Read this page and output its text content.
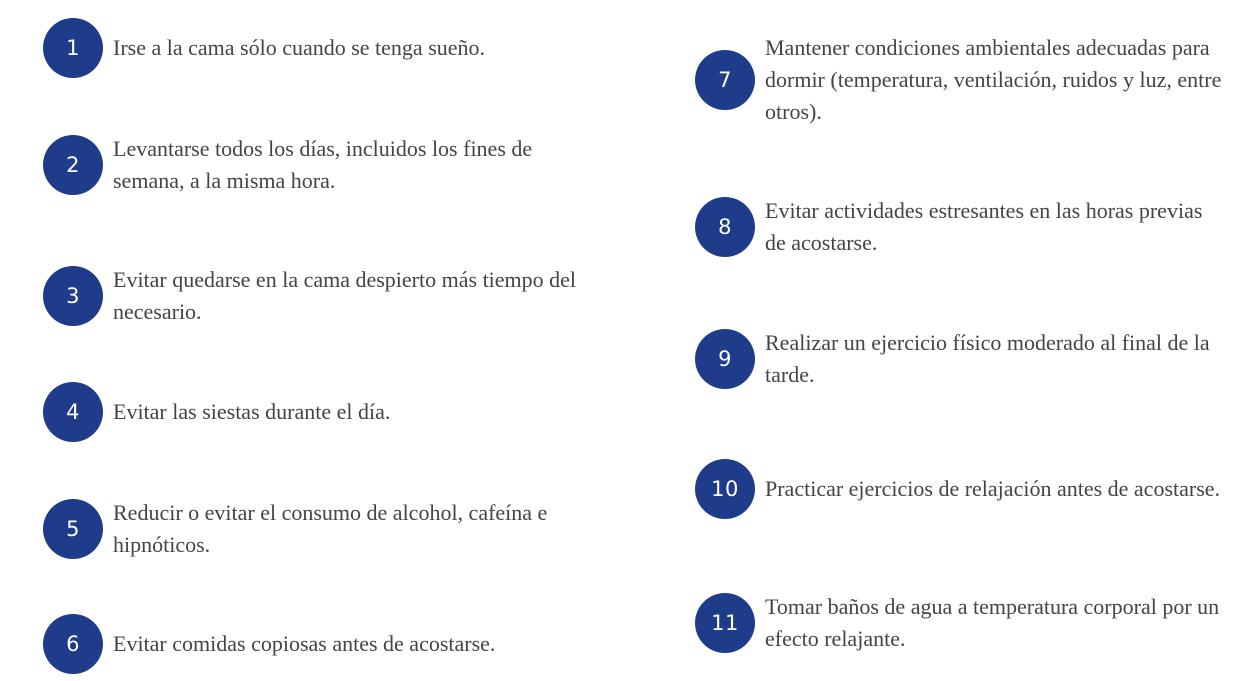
1	Irse a la cama sólo cuando se tenga sueño.
2
Levantarse todos los días, incluidos los fines de semana, a la misma hora.
3
Evitar quedarse en la cama despierto más tiempo del necesario.
4	Evitar las siestas durante el día.
5
Reducir o evitar el consumo de alcohol, cafeína e hipnóticos.
6	Evitar comidas copiosas antes de acostarse.
7
Mantener condiciones ambientales adecuadas para dormir (temperatura, ventilación, ruidos y luz, entre otros).
8
Evitar actividades estresantes en las horas previas de acostarse.
9
Realizar un ejercicio físico moderado al final de la tarde.
10	Practicar ejercicios de relajación antes de acostarse.
11
Tomar baños de agua a temperatura corporal por un efecto relajante.
